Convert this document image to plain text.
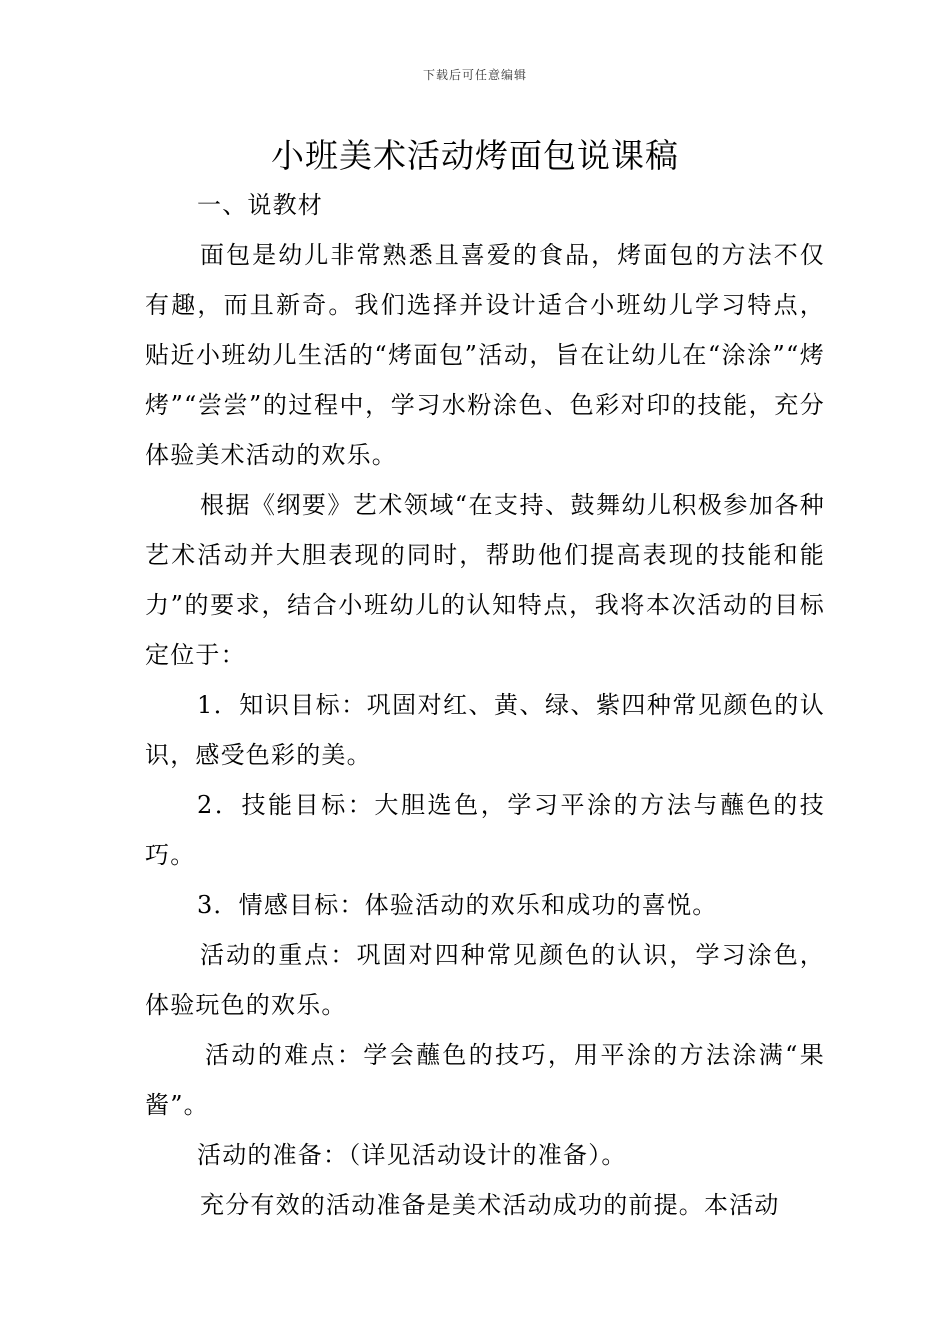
下载后可任意编辑
小班美术活动烤面包说课稿

一、说教材

面包是幼儿非常熟悉且喜爱的食品，烤面包的方法不仅有趣，而且新奇。我们选择并设计适合小班幼儿学习特点，贴近小班幼儿生活的“烤面包”活动，旨在让幼儿在“涂涂”“烤烤”“尝尝”的过程中，学习水粉涂色、色彩对印的技能，充分体验美术活动的欢乐。

根据《纲要》艺术领域“在支持、鼓舞幼儿积极参加各种艺术活动并大胆表现的同时，帮助他们提高表现的技能和能力”的要求，结合小班幼儿的认知特点，我将本次活动的目标定位于：

1．知识目标：巩固对红、黄、绿、紫四种常见颜色的认识，感受色彩的美。

2．技能目标：大胆选色，学习平涂的方法与蘸色的技巧。

3．情感目标：体验活动的欢乐和成功的喜悦。

活动的重点：巩固对四种常见颜色的认识，学习涂色，体验玩色的欢乐。

活动的难点：学会蘸色的技巧，用平涂的方法涂满“果酱”。

活动的准备：（详见活动设计的准备）。

充分有效的活动准备是美术活动成功的前提。本活动
